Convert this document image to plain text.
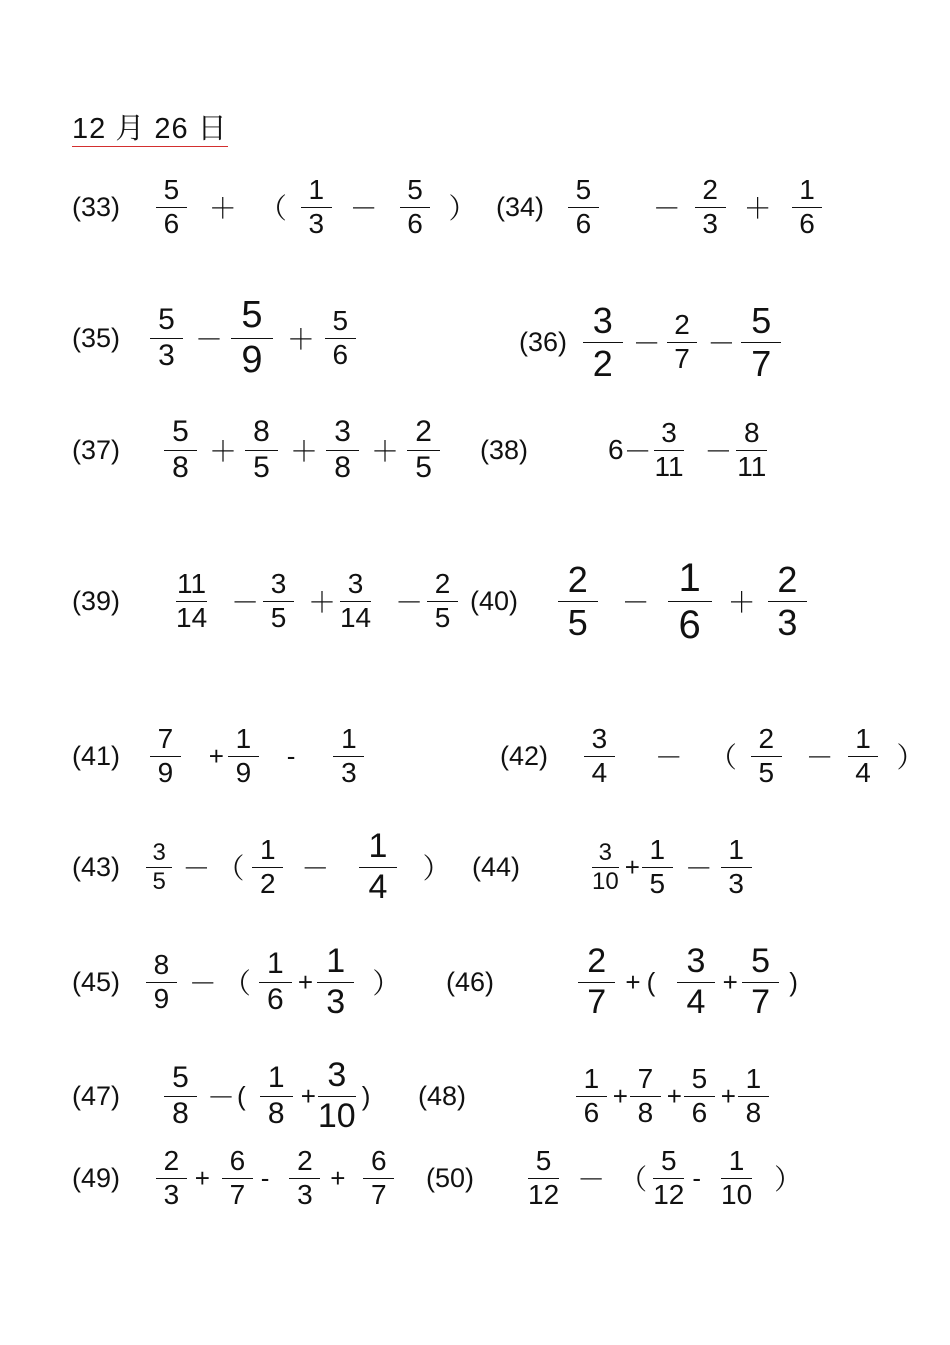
12 月 26 日
(33)	$\frac{5}{6}$ ＋ （ $\frac{1}{3} - \frac{5}{6}$ ） $(34) \frac{5}{6} - \frac{2}{3} + \frac{1}{6}$
$(35) \frac{5}{3} - \frac{5}{9} + \frac{5}{6}$	$(36) \frac{3}{2} - \frac{2}{7} - \frac{5}{7}$
(37)	$\frac{5}{8} + \frac{8}{5} + \frac{3}{8} + \frac{2}{5} (38)$	$6 - \frac{3}{11} - \frac{8}{11}$
(39)	$\frac{11}{14} - \frac{3}{5} + \frac{3}{14} - \frac{2}{5} (40)$	$\frac{2}{5} - \frac{1}{6} + \frac{2}{3}$
(41)	$\frac{7}{9} + \frac{1}{9} - \frac{1}{3}$	(42)	$\frac{3}{4}$ － （ $\frac{2}{5} - \frac{1}{4}$ ）
(43)	$\frac{3}{5}$ － （ $\frac{1}{2} - \frac{1}{4}$ ） (44)	$\frac{3}{10} + \frac{1}{5} - \frac{1}{3}$
$(45) \frac{8}{9}$ － （ $\frac{1}{6} + \frac{1}{3}$ ） (46)	$\frac{2}{7}$ + ( $\frac{3}{4} + \frac{5}{7}$ )
(47)	$\frac{5}{8}$ － ( $\frac{1}{8} + \frac{3}{10}$ ) (48)	$\frac{1}{6} + \frac{7}{8} + \frac{5}{6} + \frac{1}{8}$
(49)	$\frac{2}{3} + \frac{6}{7} - \frac{2}{3} + \frac{6}{7} (50)$	$\frac{5}{12}$ － （ $\frac{5}{12} - \frac{1}{10}$ ）
